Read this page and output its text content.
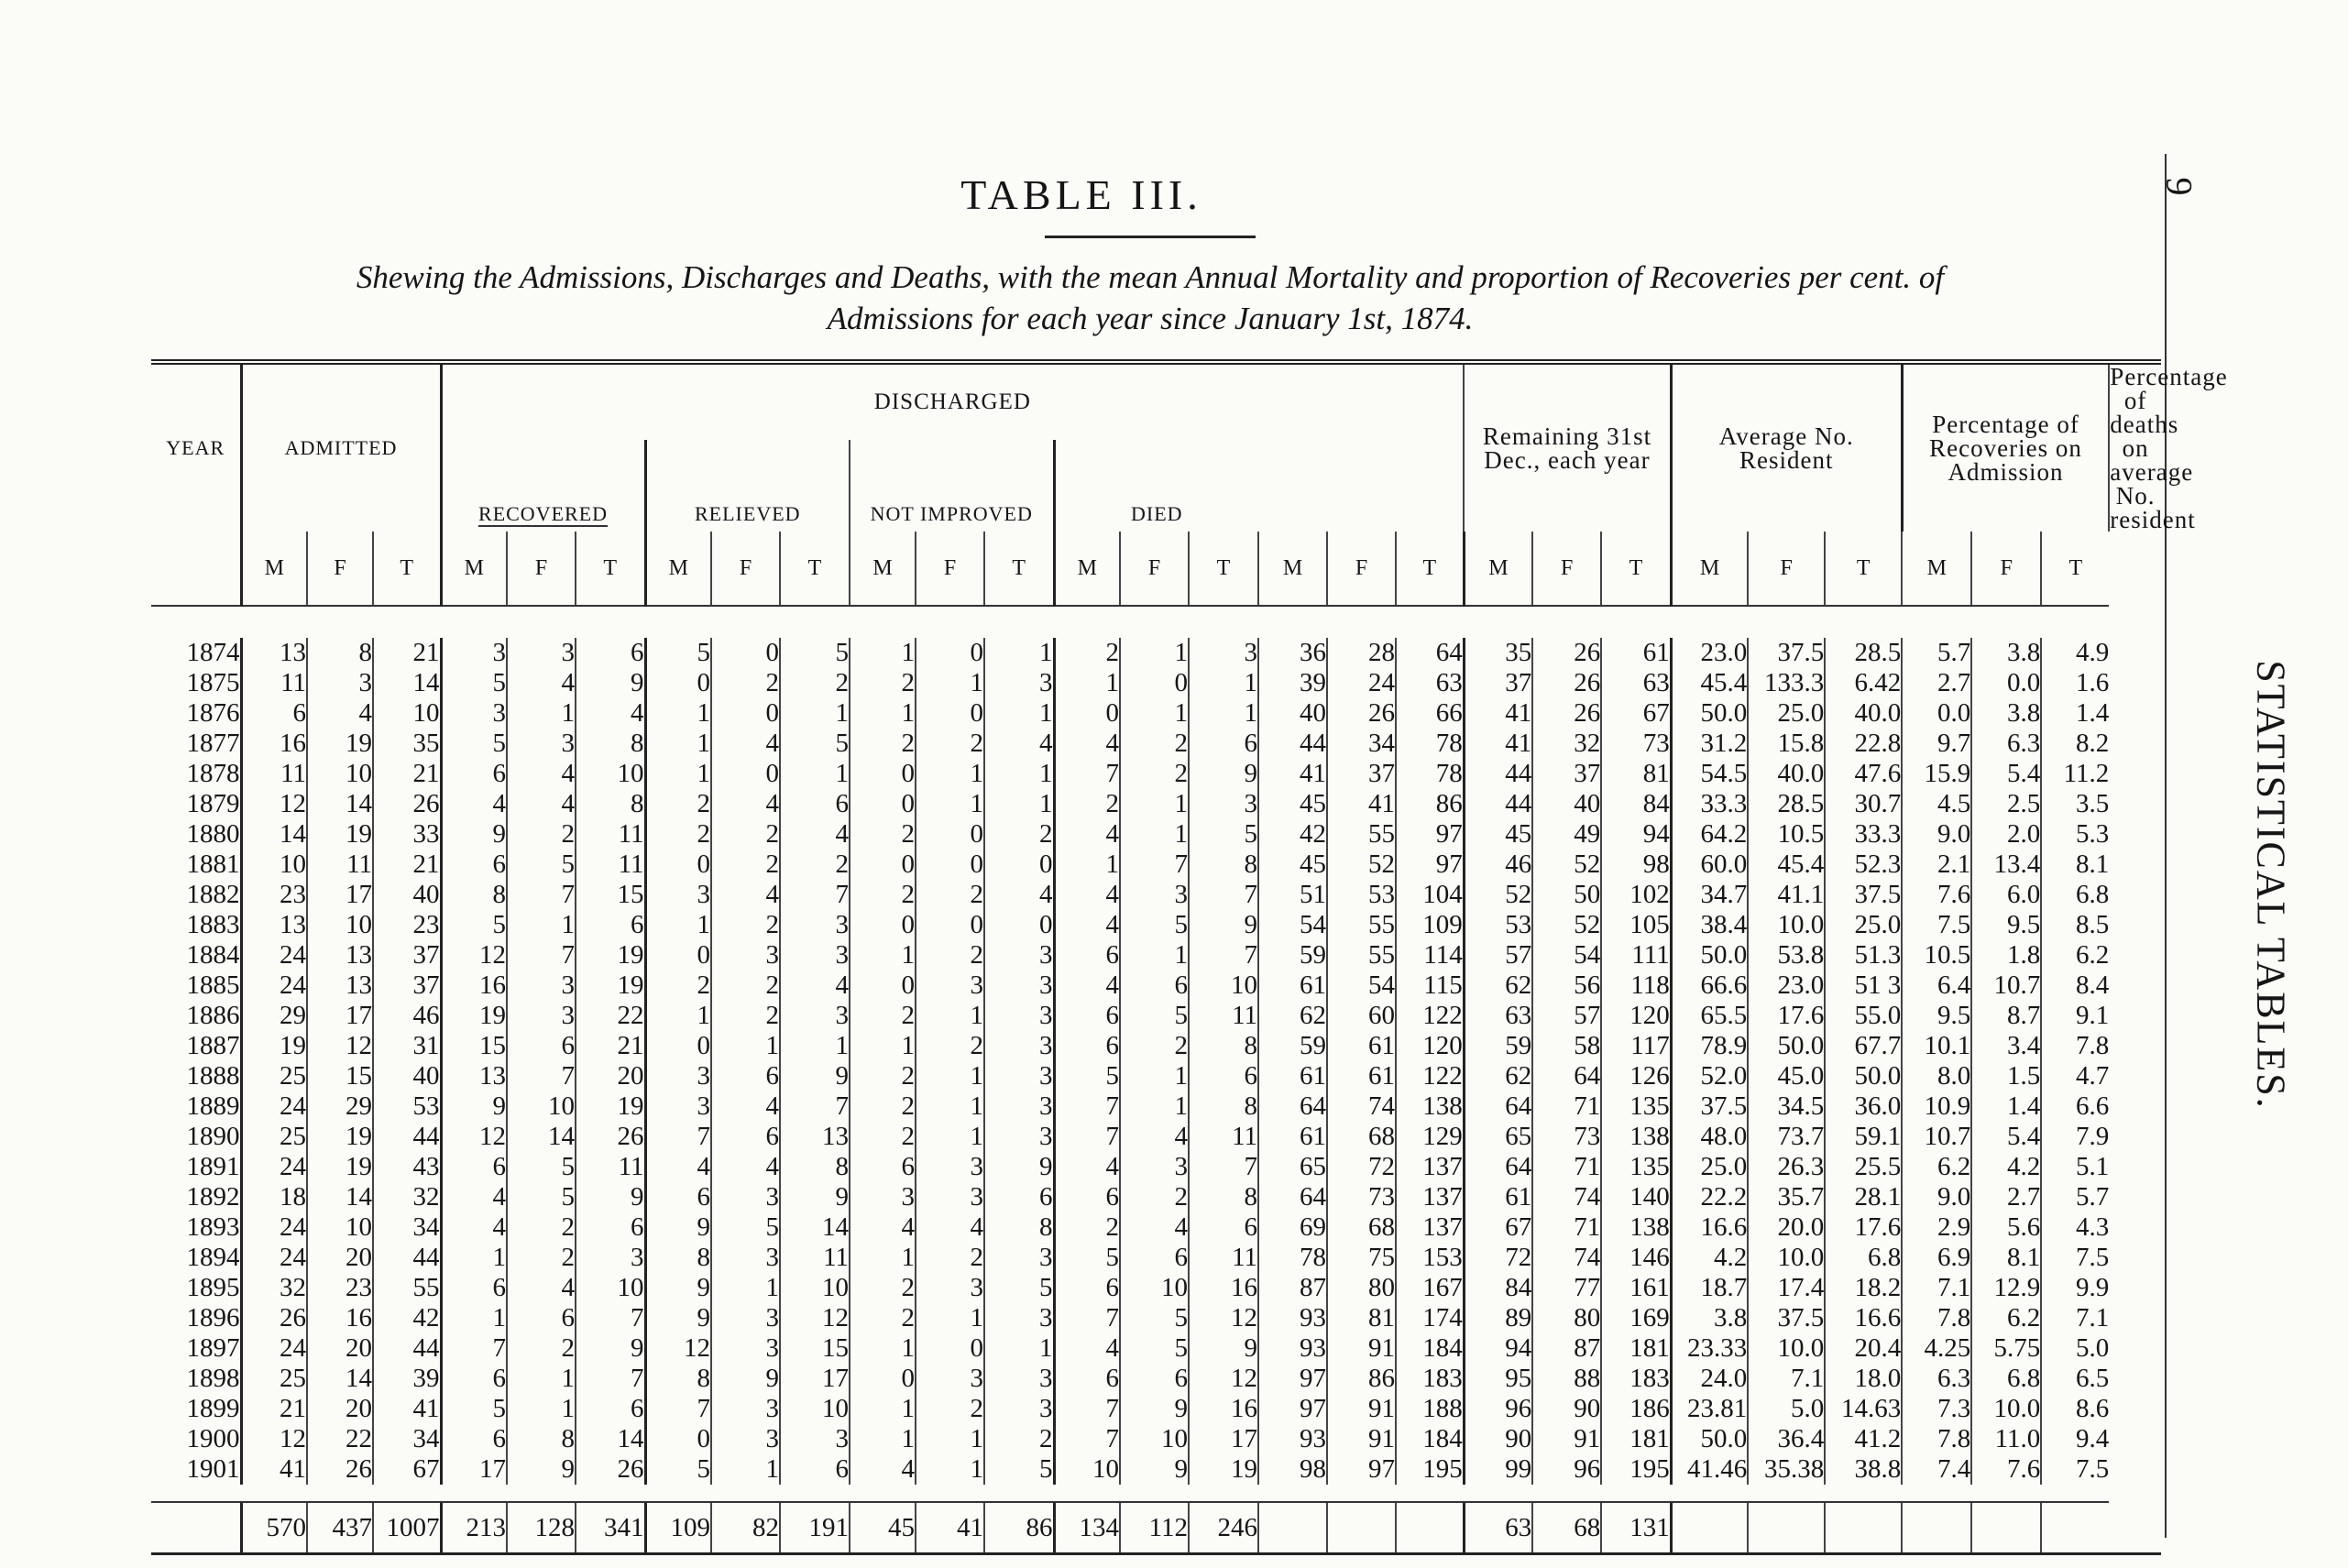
9
STATISTICAL TABLES.
TABLE III.
Shewing the Admissions, Discharges and Deaths, with the mean Annual Mortality and proportion of Recoveries per cent. of
Admissions for each year since January 1st, 1874.
YEAR	ADMITTED			DISCHARGED															Remaining 31st Dec., each year			Average No. Resident			Percentage of Recoveries on Admission			Percentage of deaths on average No. resident
				RECOVERED			RELIEVED			NOT IMPROVED			DIED															
	M	F	T	M	F	T	M	F	T	M	F	T	M	F	T	M	F	T	M	F	T	M	F	T	M	F	T	

1874	13	8	21	3	3	6	5	0	5	1	0	1	2	1	3	36	28	64	35	26	61	23.0	37.5	28.5	5.7	3.8	4.9	
1875	11	3	14	5	4	9	0	2	2	2	1	3	1	0	1	39	24	63	37	26	63	45.4	133.3	6.42	2.7	0.0	1.6	
1876	6	4	10	3	1	4	1	0	1	1	0	1	0	1	1	40	26	66	41	26	67	50.0	25.0	40.0	0.0	3.8	1.4	
1877	16	19	35	5	3	8	1	4	5	2	2	4	4	2	6	44	34	78	41	32	73	31.2	15.8	22.8	9.7	6.3	8.2	
1878	11	10	21	6	4	10	1	0	1	0	1	1	7	2	9	41	37	78	44	37	81	54.5	40.0	47.6	15.9	5.4	11.2	
1879	12	14	26	4	4	8	2	4	6	0	1	1	2	1	3	45	41	86	44	40	84	33.3	28.5	30.7	4.5	2.5	3.5	
1880	14	19	33	9	2	11	2	2	4	2	0	2	4	1	5	42	55	97	45	49	94	64.2	10.5	33.3	9.0	2.0	5.3	
1881	10	11	21	6	5	11	0	2	2	0	0	0	1	7	8	45	52	97	46	52	98	60.0	45.4	52.3	2.1	13.4	8.1	
1882	23	17	40	8	7	15	3	4	7	2	2	4	4	3	7	51	53	104	52	50	102	34.7	41.1	37.5	7.6	6.0	6.8	
1883	13	10	23	5	1	6	1	2	3	0	0	0	4	5	9	54	55	109	53	52	105	38.4	10.0	25.0	7.5	9.5	8.5	
1884	24	13	37	12	7	19	0	3	3	1	2	3	6	1	7	59	55	114	57	54	111	50.0	53.8	51.3	10.5	1.8	6.2	
1885	24	13	37	16	3	19	2	2	4	0	3	3	4	6	10	61	54	115	62	56	118	66.6	23.0	51 3	6.4	10.7	8.4	
1886	29	17	46	19	3	22	1	2	3	2	1	3	6	5	11	62	60	122	63	57	120	65.5	17.6	55.0	9.5	8.7	9.1	
1887	19	12	31	15	6	21	0	1	1	1	2	3	6	2	8	59	61	120	59	58	117	78.9	50.0	67.7	10.1	3.4	7.8	
1888	25	15	40	13	7	20	3	6	9	2	1	3	5	1	6	61	61	122	62	64	126	52.0	45.0	50.0	8.0	1.5	4.7	
1889	24	29	53	9	10	19	3	4	7	2	1	3	7	1	8	64	74	138	64	71	135	37.5	34.5	36.0	10.9	1.4	6.6	
1890	25	19	44	12	14	26	7	6	13	2	1	3	7	4	11	61	68	129	65	73	138	48.0	73.7	59.1	10.7	5.4	7.9	
1891	24	19	43	6	5	11	4	4	8	6	3	9	4	3	7	65	72	137	64	71	135	25.0	26.3	25.5	6.2	4.2	5.1	
1892	18	14	32	4	5	9	6	3	9	3	3	6	6	2	8	64	73	137	61	74	140	22.2	35.7	28.1	9.0	2.7	5.7	
1893	24	10	34	4	2	6	9	5	14	4	4	8	2	4	6	69	68	137	67	71	138	16.6	20.0	17.6	2.9	5.6	4.3	
1894	24	20	44	1	2	3	8	3	11	1	2	3	5	6	11	78	75	153	72	74	146	4.2	10.0	6.8	6.9	8.1	7.5	
1895	32	23	55	6	4	10	9	1	10	2	3	5	6	10	16	87	80	167	84	77	161	18.7	17.4	18.2	7.1	12.9	9.9	
1896	26	16	42	1	6	7	9	3	12	2	1	3	7	5	12	93	81	174	89	80	169	3.8	37.5	16.6	7.8	6.2	7.1	
1897	24	20	44	7	2	9	12	3	15	1	0	1	4	5	9	93	91	184	94	87	181	23.33	10.0	20.4	4.25	5.75	5.0	
1898	25	14	39	6	1	7	8	9	17	0	3	3	6	6	12	97	86	183	95	88	183	24.0	7.1	18.0	6.3	6.8	6.5	
1899	21	20	41	5	1	6	7	3	10	1	2	3	7	9	16	97	91	188	96	90	186	23.81	5.0	14.63	7.3	10.0	8.6	
1900	12	22	34	6	8	14	0	3	3	1	1	2	7	10	17	93	91	184	90	91	181	50.0	36.4	41.2	7.8	11.0	9.4	
1901	41	26	67	17	9	26	5	1	6	4	1	5	10	9	19	98	97	195	99	96	195	41.46	35.38	38.8	7.4	7.6	7.5	

	570	437	1007	213	128	341	109	82	191	45	41	86	134	112	246				63	68	131							
